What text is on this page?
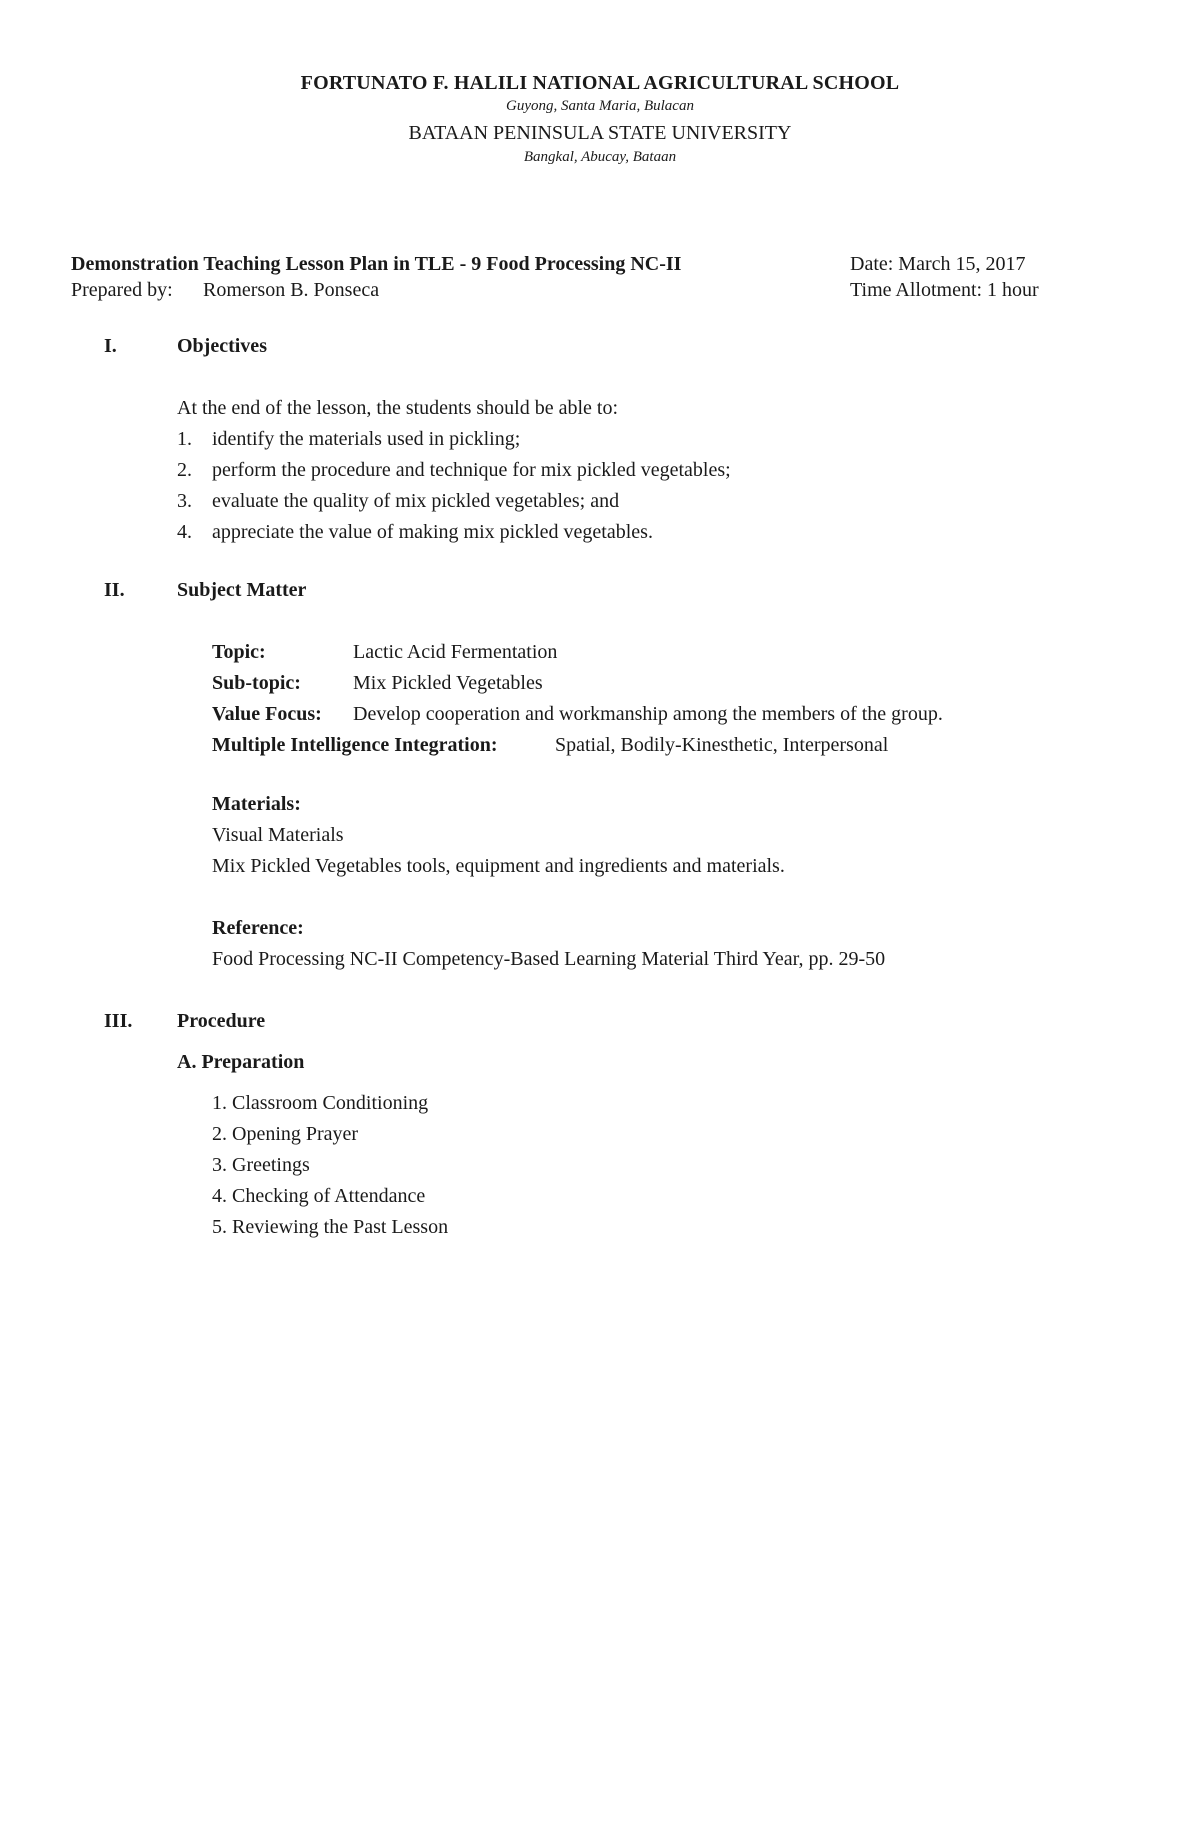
FORTUNATO F. HALILI NATIONAL AGRICULTURAL SCHOOL
Guyong, Santa Maria, Bulacan
BATAAN PENINSULA STATE UNIVERSITY
Bangkal, Abucay, Bataan
Demonstration Teaching Lesson Plan in TLE - 9 Food Processing NC-II	Date: March 15, 2017
Prepared by: Romerson B. Ponseca	Time Allotment: 1 hour
I.	Objectives
At the end of the lesson, the students should be able to:
1. identify the materials used in pickling;
2. perform the procedure and technique for mix pickled vegetables;
3. evaluate the quality of mix pickled vegetables; and
4. appreciate the value of making mix pickled vegetables.
II.	Subject Matter
Topic:	Lactic Acid Fermentation
Sub-topic:	Mix Pickled Vegetables
Value Focus: Develop cooperation and workmanship among the members of the group.
Multiple Intelligence Integration:	Spatial, Bodily-Kinesthetic, Interpersonal
Materials:
Visual Materials
Mix Pickled Vegetables tools, equipment and ingredients and materials.
Reference:
Food Processing NC-II Competency-Based Learning Material Third Year, pp. 29-50
III. Procedure
A. Preparation
1. Classroom Conditioning
2. Opening Prayer
3. Greetings
4. Checking of Attendance
5. Reviewing the Past Lesson
